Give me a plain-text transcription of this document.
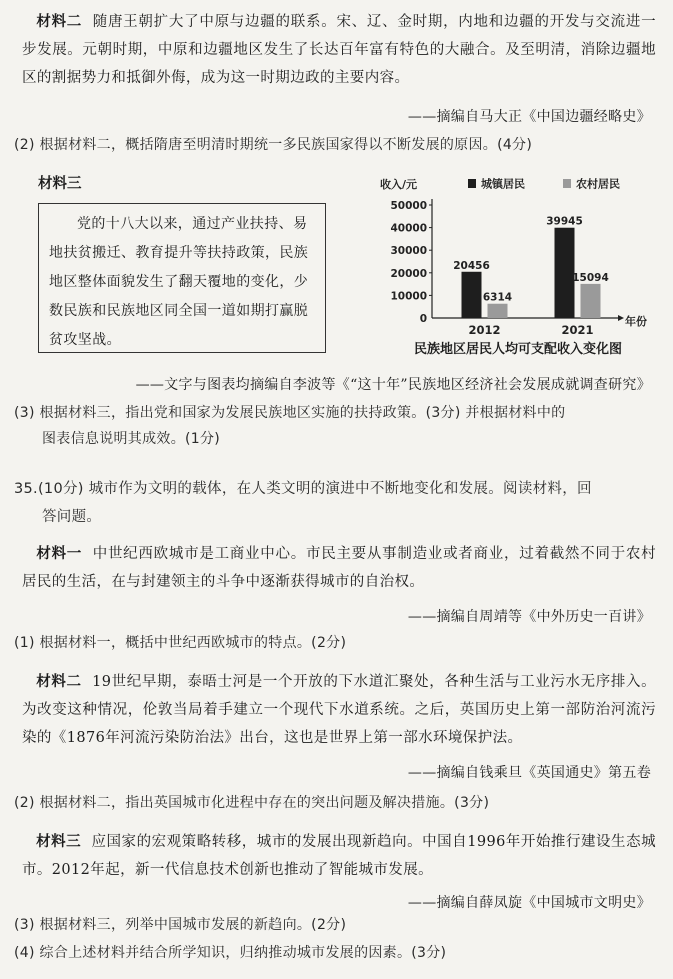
材料二 随唐王朝扩大了中原与边疆的联系。宋、辽、金时期，内地和边疆的开发与交流进一步发展。元朝时期，中原和边疆地区发生了长达百年富有特色的大融合。及至明清，消除边疆地区的割据势力和抵御外侮，成为这一时期边政的主要内容。
——摘编自马大正《中国边疆经略史》
(2) 根据材料二，概括隋唐至明清时期统一多民族国家得以不断发展的原因。(4分)
材料三
党的十八大以来，通过产业扶持、易地扶贫搬迁、教育提升等扶持政策，民族地区整体面貌发生了翻天覆地的变化，少数民族和民族地区同全国一道如期打赢脱贫攻坚战。
收入/元	城镇居民	农村居民
0
10000
20000
30000
40000
50000
2012	2021
20456
6314
39945
15094
年份
民族地区居民人均可支配收入变化图
——文字与图表均摘编自李波等《“这十年”民族地区经济社会发展成就调查研究》
(3) 根据材料三，指出党和国家为发展民族地区实施的扶持政策。(3分) 并根据材料中的
图表信息说明其成效。(1分)
35.(10分) 城市作为文明的载体，在人类文明的演进中不断地变化和发展。阅读材料，回
答问题。
材料一 中世纪西欧城市是工商业中心。市民主要从事制造业或者商业，过着截然不同于农村居民的生活，在与封建领主的斗争中逐渐获得城市的自治权。
——摘编自周靖等《中外历史一百讲》
(1) 根据材料一，概括中世纪西欧城市的特点。(2分)
材料二 19世纪早期，泰晤士河是一个开放的下水道汇聚处，各种生活与工业污水无序排入。为改变这种情况，伦敦当局着手建立一个现代下水道系统。之后，英国历史上第一部防治河流污染的《1876年河流污染防治法》出台，这也是世界上第一部水环境保护法。
——摘编自钱乘旦《英国通史》第五卷
(2) 根据材料二，指出英国城市化进程中存在的突出问题及解决措施。(3分)
材料三 应国家的宏观策略转移，城市的发展出现新趋向。中国自1996年开始推行建设生态城市。2012年起，新一代信息技术创新也推动了智能城市发展。
——摘编自薛凤旋《中国城市文明史》
(3) 根据材料三，列举中国城市发展的新趋向。(2分)
(4) 综合上述材料并结合所学知识，归纳推动城市发展的因素。(3分)
